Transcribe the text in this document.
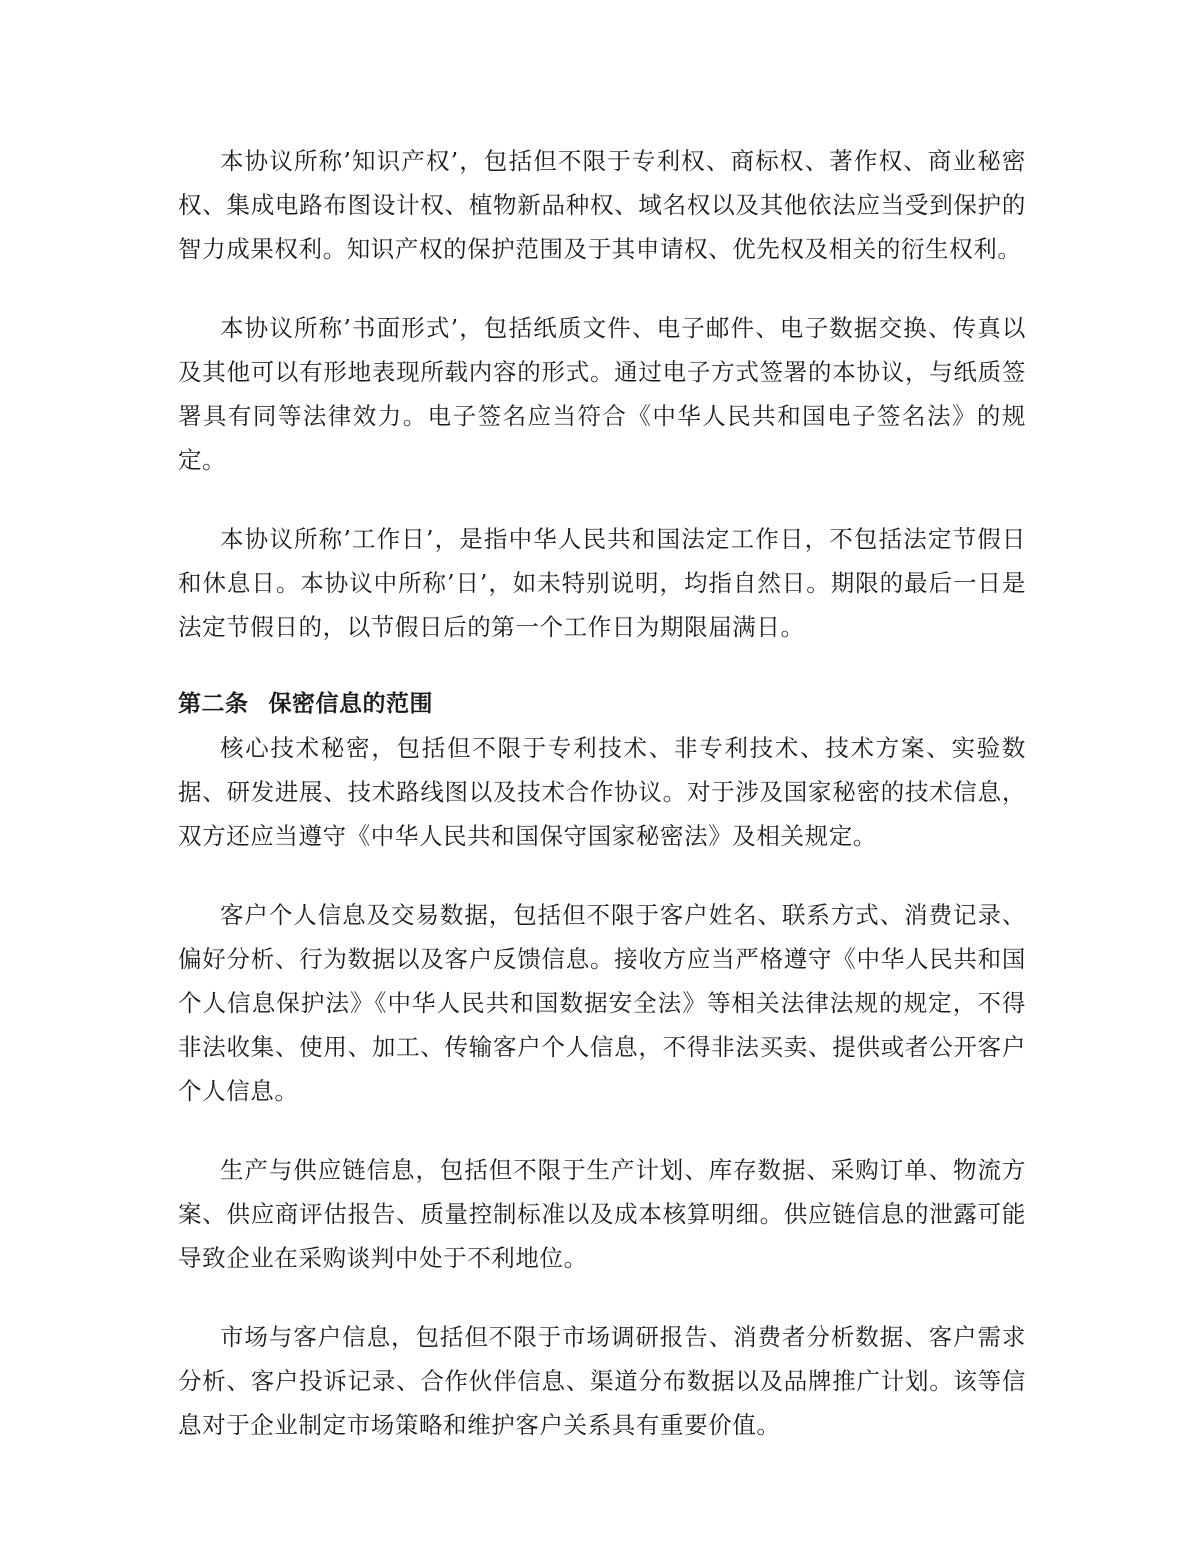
本协议所称’知识产权’，包括但不限于专利权、商标权、著作权、商业秘密权、集成电路布图设计权、植物新品种权、域名权以及其他依法应当受到保护的智力成果权利。知识产权的保护范围及于其申请权、优先权及相关的衍生权利。

本协议所称’书面形式’，包括纸质文件、电子邮件、电子数据交换、传真以及其他可以有形地表现所载内容的形式。通过电子方式签署的本协议，与纸质签署具有同等法律效力。电子签名应当符合《中华人民共和国电子签名法》的规定。

本协议所称’工作日’，是指中华人民共和国法定工作日，不包括法定节假日和休息日。本协议中所称’日’，如未特别说明，均指自然日。期限的最后一日是法定节假日的，以节假日后的第一个工作日为期限届满日。

第二条 保密信息的范围

核心技术秘密，包括但不限于专利技术、非专利技术、技术方案、实验数据、研发进展、技术路线图以及技术合作协议。对于涉及国家秘密的技术信息，双方还应当遵守《中华人民共和国保守国家秘密法》及相关规定。

客户个人信息及交易数据，包括但不限于客户姓名、联系方式、消费记录、偏好分析、行为数据以及客户反馈信息。接收方应当严格遵守《中华人民共和国个人信息保护法》《中华人民共和国数据安全法》等相关法律法规的规定，不得非法收集、使用、加工、传输客户个人信息，不得非法买卖、提供或者公开客户个人信息。

生产与供应链信息，包括但不限于生产计划、库存数据、采购订单、物流方案、供应商评估报告、质量控制标准以及成本核算明细。供应链信息的泄露可能导致企业在采购谈判中处于不利地位。

市场与客户信息，包括但不限于市场调研报告、消费者分析数据、客户需求分析、客户投诉记录、合作伙伴信息、渠道分布数据以及品牌推广计划。该等信息对于企业制定市场策略和维护客户关系具有重要价值。
